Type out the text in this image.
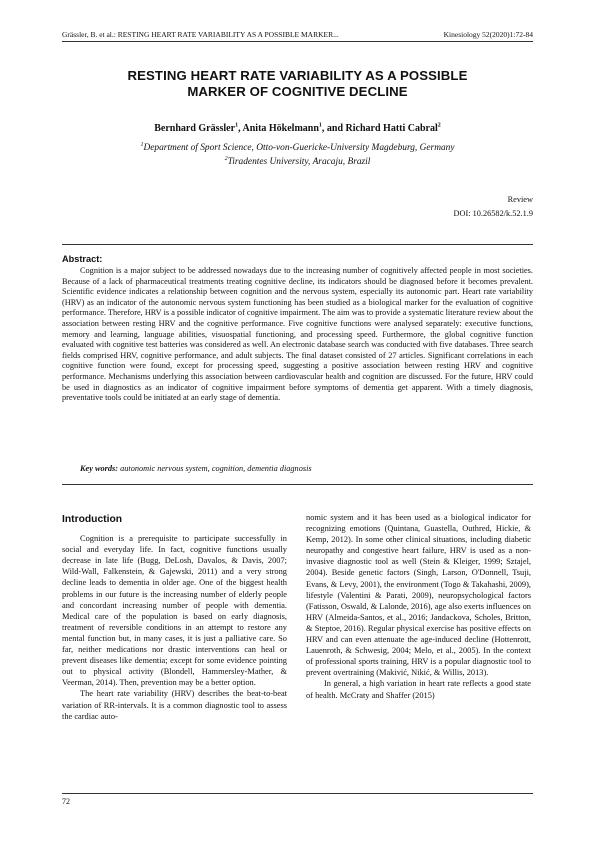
Grässler, B. et al.: RESTING HEART RATE VARIABILITY AS A POSSIBLE MARKER...	Kinesiology 52(2020)1:72-84
RESTING HEART RATE VARIABILITY AS A POSSIBLE
MARKER OF COGNITIVE DECLINE
Bernhard Grässler$^1$, Anita Hökelmann$^1$, and Richard Hatti Cabral$^2$
$^1$Department of Sport Science, Otto-von-Guericke-University Magdeburg, Germany
$^2$Tiradentes University, Aracaju, Brazil
Review
DOI: 10.26582/k.52.1.9
Abstract:

Cognition is a major subject to be addressed nowadays due to the increasing number of cognitively affected people in most societies. Because of a lack of pharmaceutical treatments treating cognitive decline, its indicators should be diagnosed before it becomes prevalent. Scientific evidence indicates a relationship between cognition and the nervous system, especially its autonomic part. Heart rate variability (HRV) as an indicator of the autonomic nervous system functioning has been studied as a biological marker for the evaluation of cognitive performance. Therefore, HRV is a possible indicator of cognitive impairment. The aim was to provide a systematic literature review about the association between resting HRV and the cognitive performance. Five cognitive functions were analysed separately: executive functions, memory and learning, language abilities, visuospatial functioning, and processing speed. Furthermore, the global cognitive function evaluated with cognitive test batteries was considered as well. An electronic database search was conducted with five databases. Three search fields comprised HRV, cognitive performance, and adult subjects. The final dataset consisted of 27 articles. Significant correlations in each cognitive function were found, except for processing speed, suggesting a positive association between resting HRV and cognitive performance. Mechanisms underlying this association between cardiovascular health and cognition are discussed. For the future, HRV could be used in diagnostics as an indicator of cognitive impairment before symptoms of dementia get apparent. With a timely diagnosis, preventative tools could be initiated at an early stage of dementia.

Key words: autonomic nervous system, cognition, dementia diagnosis
Introduction

Cognition is a prerequisite to participate successfully in social and everyday life. In fact, cognitive functions usually decrease in late life (Bugg, DeLosh, Davalos, & Davis, 2007; Wild-Wall, Falkenstein, & Gajewski, 2011) and a very strong decline leads to dementia in older age. One of the biggest health problems in our future is the increasing number of elderly people and concordant increasing number of people with dementia. Medical care of the population is based on early diagnosis, treatment of reversible conditions in an attempt to restore any mental function but, in many cases, it is just a palliative care. So far, neither medications nor drastic interventions can heal or prevent diseases like dementia; except for some evidence pointing out to physical activity (Blondell, Hammersley-Mather, & Veerman, 2014). Then, prevention may be a better option.

The heart rate variability (HRV) describes the beat-to-beat variation of RR-intervals. It is a common diagnostic tool to assess the cardiac auto-

nomic system and it has been used as a biological indicator for recognizing emotions (Quintana, Guastella, Outhred, Hickie, & Kemp, 2012). In some other clinical situations, including diabetic neuropathy and congestive heart failure, HRV is used as a non-invasive diagnostic tool as well (Stein & Kleiger, 1999; Sztajel, 2004). Beside genetic factors (Singh, Larson, O'Donnell, Tsuji, Evans, & Levy, 2001), the environment (Togo & Takahashi, 2009), lifestyle (Valentini & Parati, 2009), neuropsychological factors (Fatisson, Oswald, & Lalonde, 2016), age also exerts influences on HRV (Almeida-Santos, et al., 2016; Jandackova, Scholes, Britton, & Steptoe, 2016). Regular physical exercise has positive effects on HRV and can even attenuate the age-induced decline (Hottenrott, Lauenroth, & Schwesig, 2004; Melo, et al., 2005). In the context of professional sports training, HRV is a popular diagnostic tool to prevent overtraining (Makivić, Nikić, & Willis, 2013).

In general, a high variation in heart rate reflects a good state of health. McCraty and Shaffer (2015)

72
